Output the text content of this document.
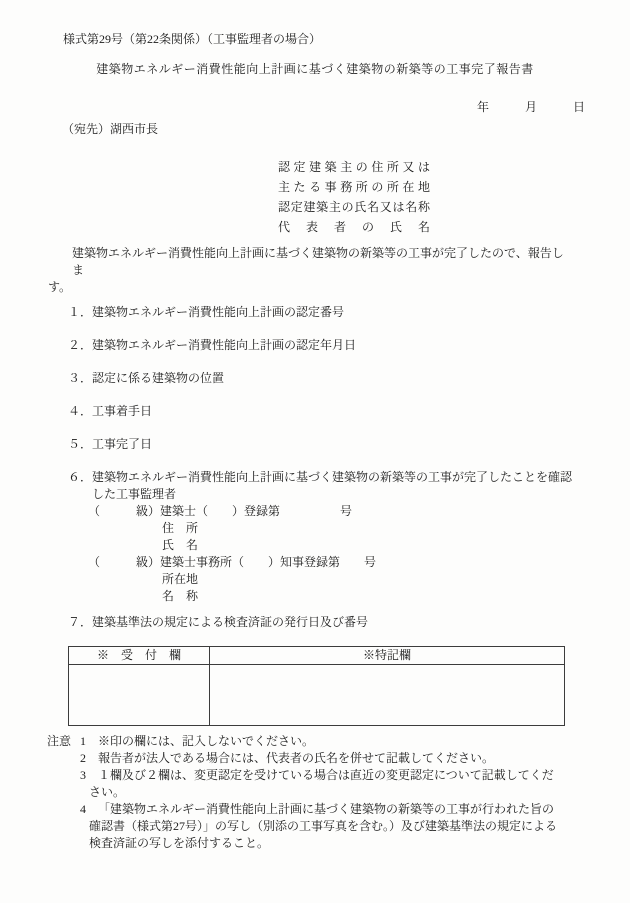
様式第29号（第22条関係）（工事監理者の場合）
建築物エネルギー消費性能向上計画に基づく建築物の新築等の工事完了報告書
年　　　月　　　日
（宛先）湖西市長
認定建築主の住所又は
主たる事務所の所在地
認定建築主の氏名又は名称
代表者の氏名
建築物エネルギー消費性能向上計画に基づく建築物の新築等の工事が完了したので、報告しま
す。
１．建築物エネルギー消費性能向上計画の認定番号
２．建築物エネルギー消費性能向上計画の認定年月日
３．認定に係る建築物の位置
４．工事着手日
５．工事完了日
６．建築物エネルギー消費性能向上計画に基づく建築物の新築等の工事が完了したことを確認
した工事監理者
（　　　級）建築士（　　）登録第　　　　　号
住　所
氏　名
（　　　級）建築士事務所（　　）知事登録第　　号
所在地
名　称
７．建築基準法の規定による検査済証の発行日及び番号
※　受　付　欄	※特記欄

注意 1	※印の欄には、記入しないでください。
2	報告者が法人である場合には、代表者の氏名を併せて記載してください。
3	１欄及び２欄は、変更認定を受けている場合は直近の変更認定について記載してくだ
さい。
4	「建築物エネルギー消費性能向上計画に基づく建築物の新築等の工事が行われた旨の
確認書（様式第27号）」の写し（別添の工事写真を含む。）及び建築基準法の規定による
検査済証の写しを添付すること。
